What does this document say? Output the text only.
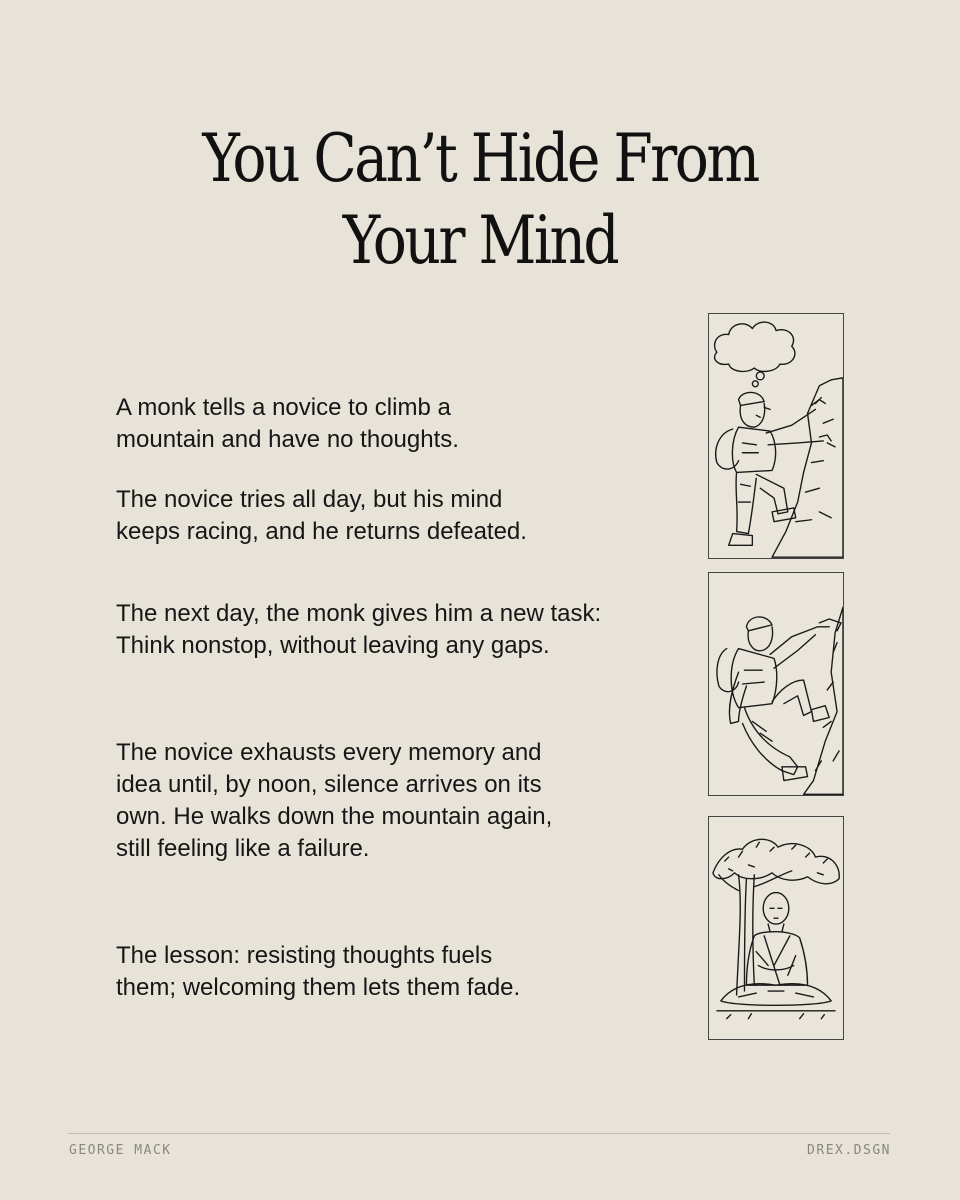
You Can’t Hide From
Your Mind

A monk tells a novice to climb a
mountain and have no thoughts.

The novice tries all day, but his mind
keeps racing, and he returns defeated.

The next day, the monk gives him a new task:
Think nonstop, without leaving any gaps.

The novice exhausts every memory and
idea until, by noon, silence arrives on its
own. He walks down the mountain again,
still feeling like a failure.

The lesson: resisting thoughts fuels
them; welcoming them lets them fade.

GEORGE MACK	DREX.DSGN
